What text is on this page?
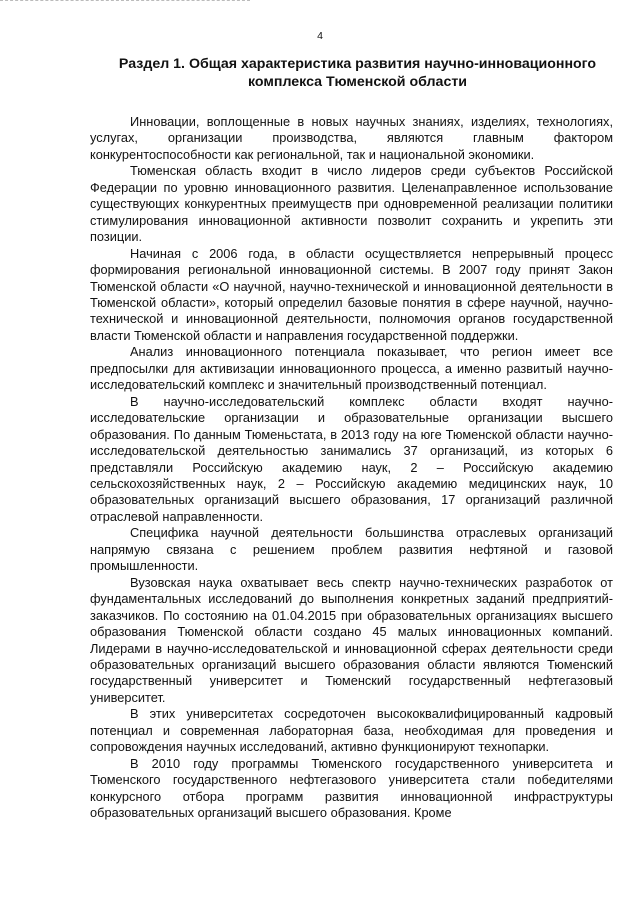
4
Раздел 1. Общая характеристика развития научно-инновационного комплекса Тюменской области

Инновации, воплощенные в новых научных знаниях, изделиях, технологиях, услугах, организации производства, являются главным фактором конкурентоспособности как региональной, так и национальной экономики.

Тюменская область входит в число лидеров среди субъектов Российской Федерации по уровню инновационного развития. Целенаправленное использование существующих конкурентных преимуществ при одновременной реализации политики стимулирования инновационной активности позволит сохранить и укрепить эти позиции.

Начиная с 2006 года, в области осуществляется непрерывный процесс формирования региональной инновационной системы. В 2007 году принят Закон Тюменской области «О научной, научно-технической и инновационной деятельности в Тюменской области», который определил базовые понятия в сфере научной, научно-технической и инновационной деятельности, полномочия органов государственной власти Тюменской области и направления государственной поддержки.

Анализ инновационного потенциала показывает, что регион имеет все предпосылки для активизации инновационного процесса, а именно развитый научно-исследовательский комплекс и значительный производственный потенциал.

В научно-исследовательский комплекс области входят научно-исследовательские организации и образовательные организации высшего образования. По данным Тюменьстата, в 2013 году на юге Тюменской области научно-исследовательской деятельностью занимались 37 организаций, из которых 6 представляли Российскую академию наук, 2 – Российскую академию сельскохозяйственных наук, 2 – Российскую академию медицинских наук, 10 образовательных организаций высшего образования, 17 организаций различной отраслевой направленности.

Специфика научной деятельности большинства отраслевых организаций напрямую связана с решением проблем развития нефтяной и газовой промышленности.

Вузовская наука охватывает весь спектр научно-технических разработок от фундаментальных исследований до выполнения конкретных заданий предприятий-заказчиков. По состоянию на 01.04.2015 при образовательных организациях высшего образования Тюменской области создано 45 малых инновационных компаний. Лидерами в научно-исследовательской и инновационной сферах деятельности среди образовательных организаций высшего образования области являются Тюменский государственный университет и Тюменский государственный нефтегазовый университет.

В этих университетах сосредоточен высококвалифицированный кадровый потенциал и современная лабораторная база, необходимая для проведения и сопровождения научных исследований, активно функционируют технопарки.

В 2010 году программы Тюменского государственного университета и Тюменского государственного нефтегазового университета стали победителями конкурсного отбора программ развития инновационной инфраструктуры образовательных организаций высшего образования. Кроме
